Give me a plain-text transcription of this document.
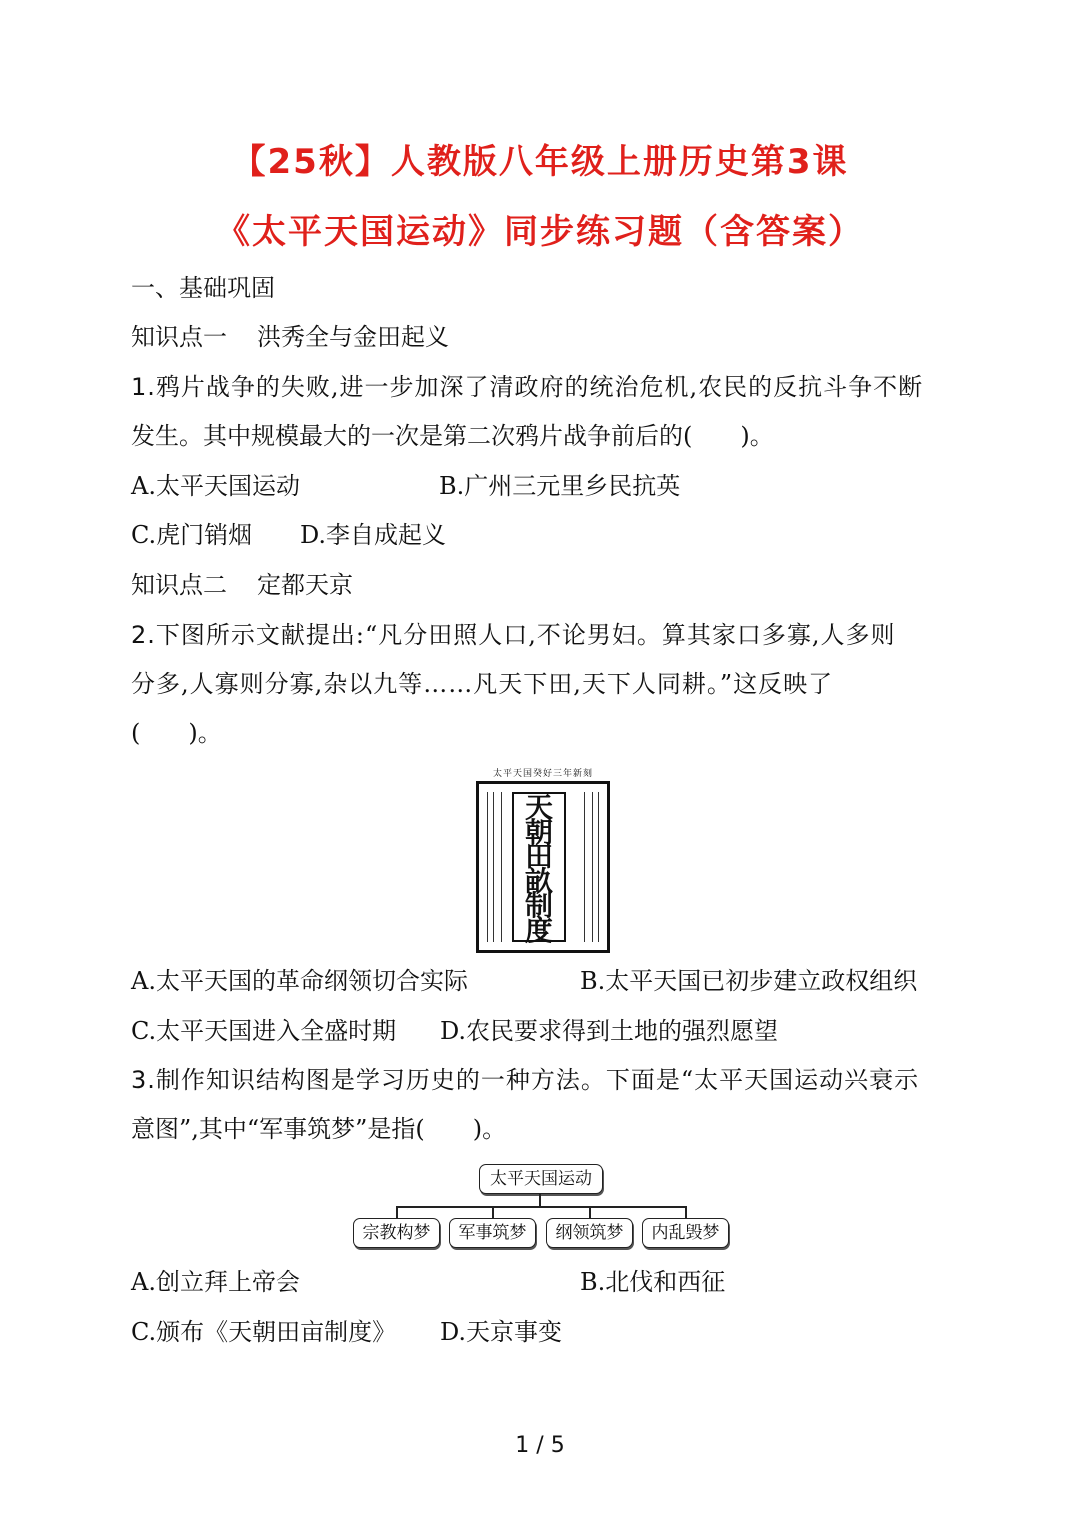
【25秋】人教版八年级上册历史第3课
《太平天国运动》同步练习题（含答案）
一、基础巩固
知识点一 洪秀全与金田起义
1.鸦片战争的失败,进一步加深了清政府的统治危机,农民的反抗斗争不断
发生。其中规模最大的一次是第二次鸦片战争前后的(　　)。
A.太平天国运动	B.广州三元里乡民抗英
C.虎门销烟 D.李自成起义
知识点二 定都天京
2.下图所示文献提出:“凡分田照人口,不论男妇。算其家口多寡,人多则
分多,人寡则分寡,杂以九等……凡天下田,天下人同耕。”这反映了
(　　)。
太平天国癸好三年新刻
天朝田畝制度
A.太平天国的革命纲领切合实际	B.太平天国已初步建立政权组织
C.太平天国进入全盛时期 D.农民要求得到土地的强烈愿望
3.制作知识结构图是学习历史的一种方法。下面是“太平天国运动兴衰示
意图”,其中“军事筑梦”是指(　　)。
太平天国运动
宗教构梦	军事筑梦	纲领筑梦	内乱毁梦
A.创立拜上帝会	B.北伐和西征
C.颁布《天朝田亩制度》 D.天京事变
1 / 5
